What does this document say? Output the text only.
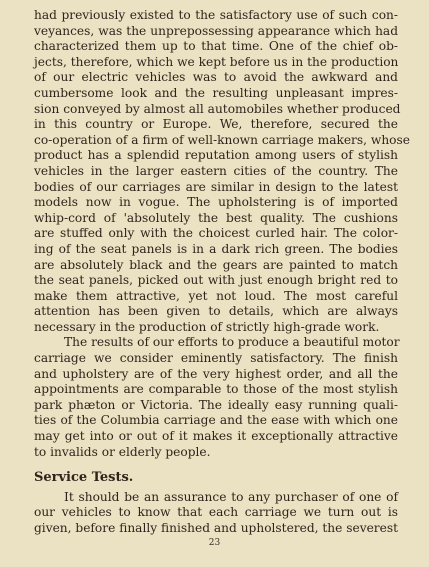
had previously existed to the satisfactory use of such con-
veyances, was the unprepossessing appearance which had
characterized them up to that time. One of the chief ob-
jects, therefore, which we kept before us in the production
of our electric vehicles was to avoid the awkward and
cumbersome look and the resulting unpleasant impres-
sion conveyed by almost all automobiles whether produced
in this country or Europe. We, therefore, secured the
co-operation of a firm of well-known carriage makers, whose
product has a splendid reputation among users of stylish
vehicles in the larger eastern cities of the country. The
bodies of our carriages are similar in design to the latest
models now in vogue. The upholstering is of imported
whip-cord of 'absolutely the best quality. The cushions
are stuffed only with the choicest curled hair. The color-
ing of the seat panels is in a dark rich green. The bodies
are absolutely black and the gears are painted to match
the seat panels, picked out with just enough bright red to
make them attractive, yet not loud. The most careful
attention has been given to details, which are always
necessary in the production of strictly high-grade work.
The results of our efforts to produce a beautiful motor
carriage we consider eminently satisfactory. The finish
and upholstery are of the very highest order, and all the
appointments are comparable to those of the most stylish
park phæton or Victoria. The ideally easy running quali-
ties of the Columbia carriage and the ease with which one
may get into or out of it makes it exceptionally attractive
to invalids or elderly people.
Service Tests.
It should be an assurance to any purchaser of one of
our vehicles to know that each carriage we turn out is
given, before finally finished and upholstered, the severest
23
